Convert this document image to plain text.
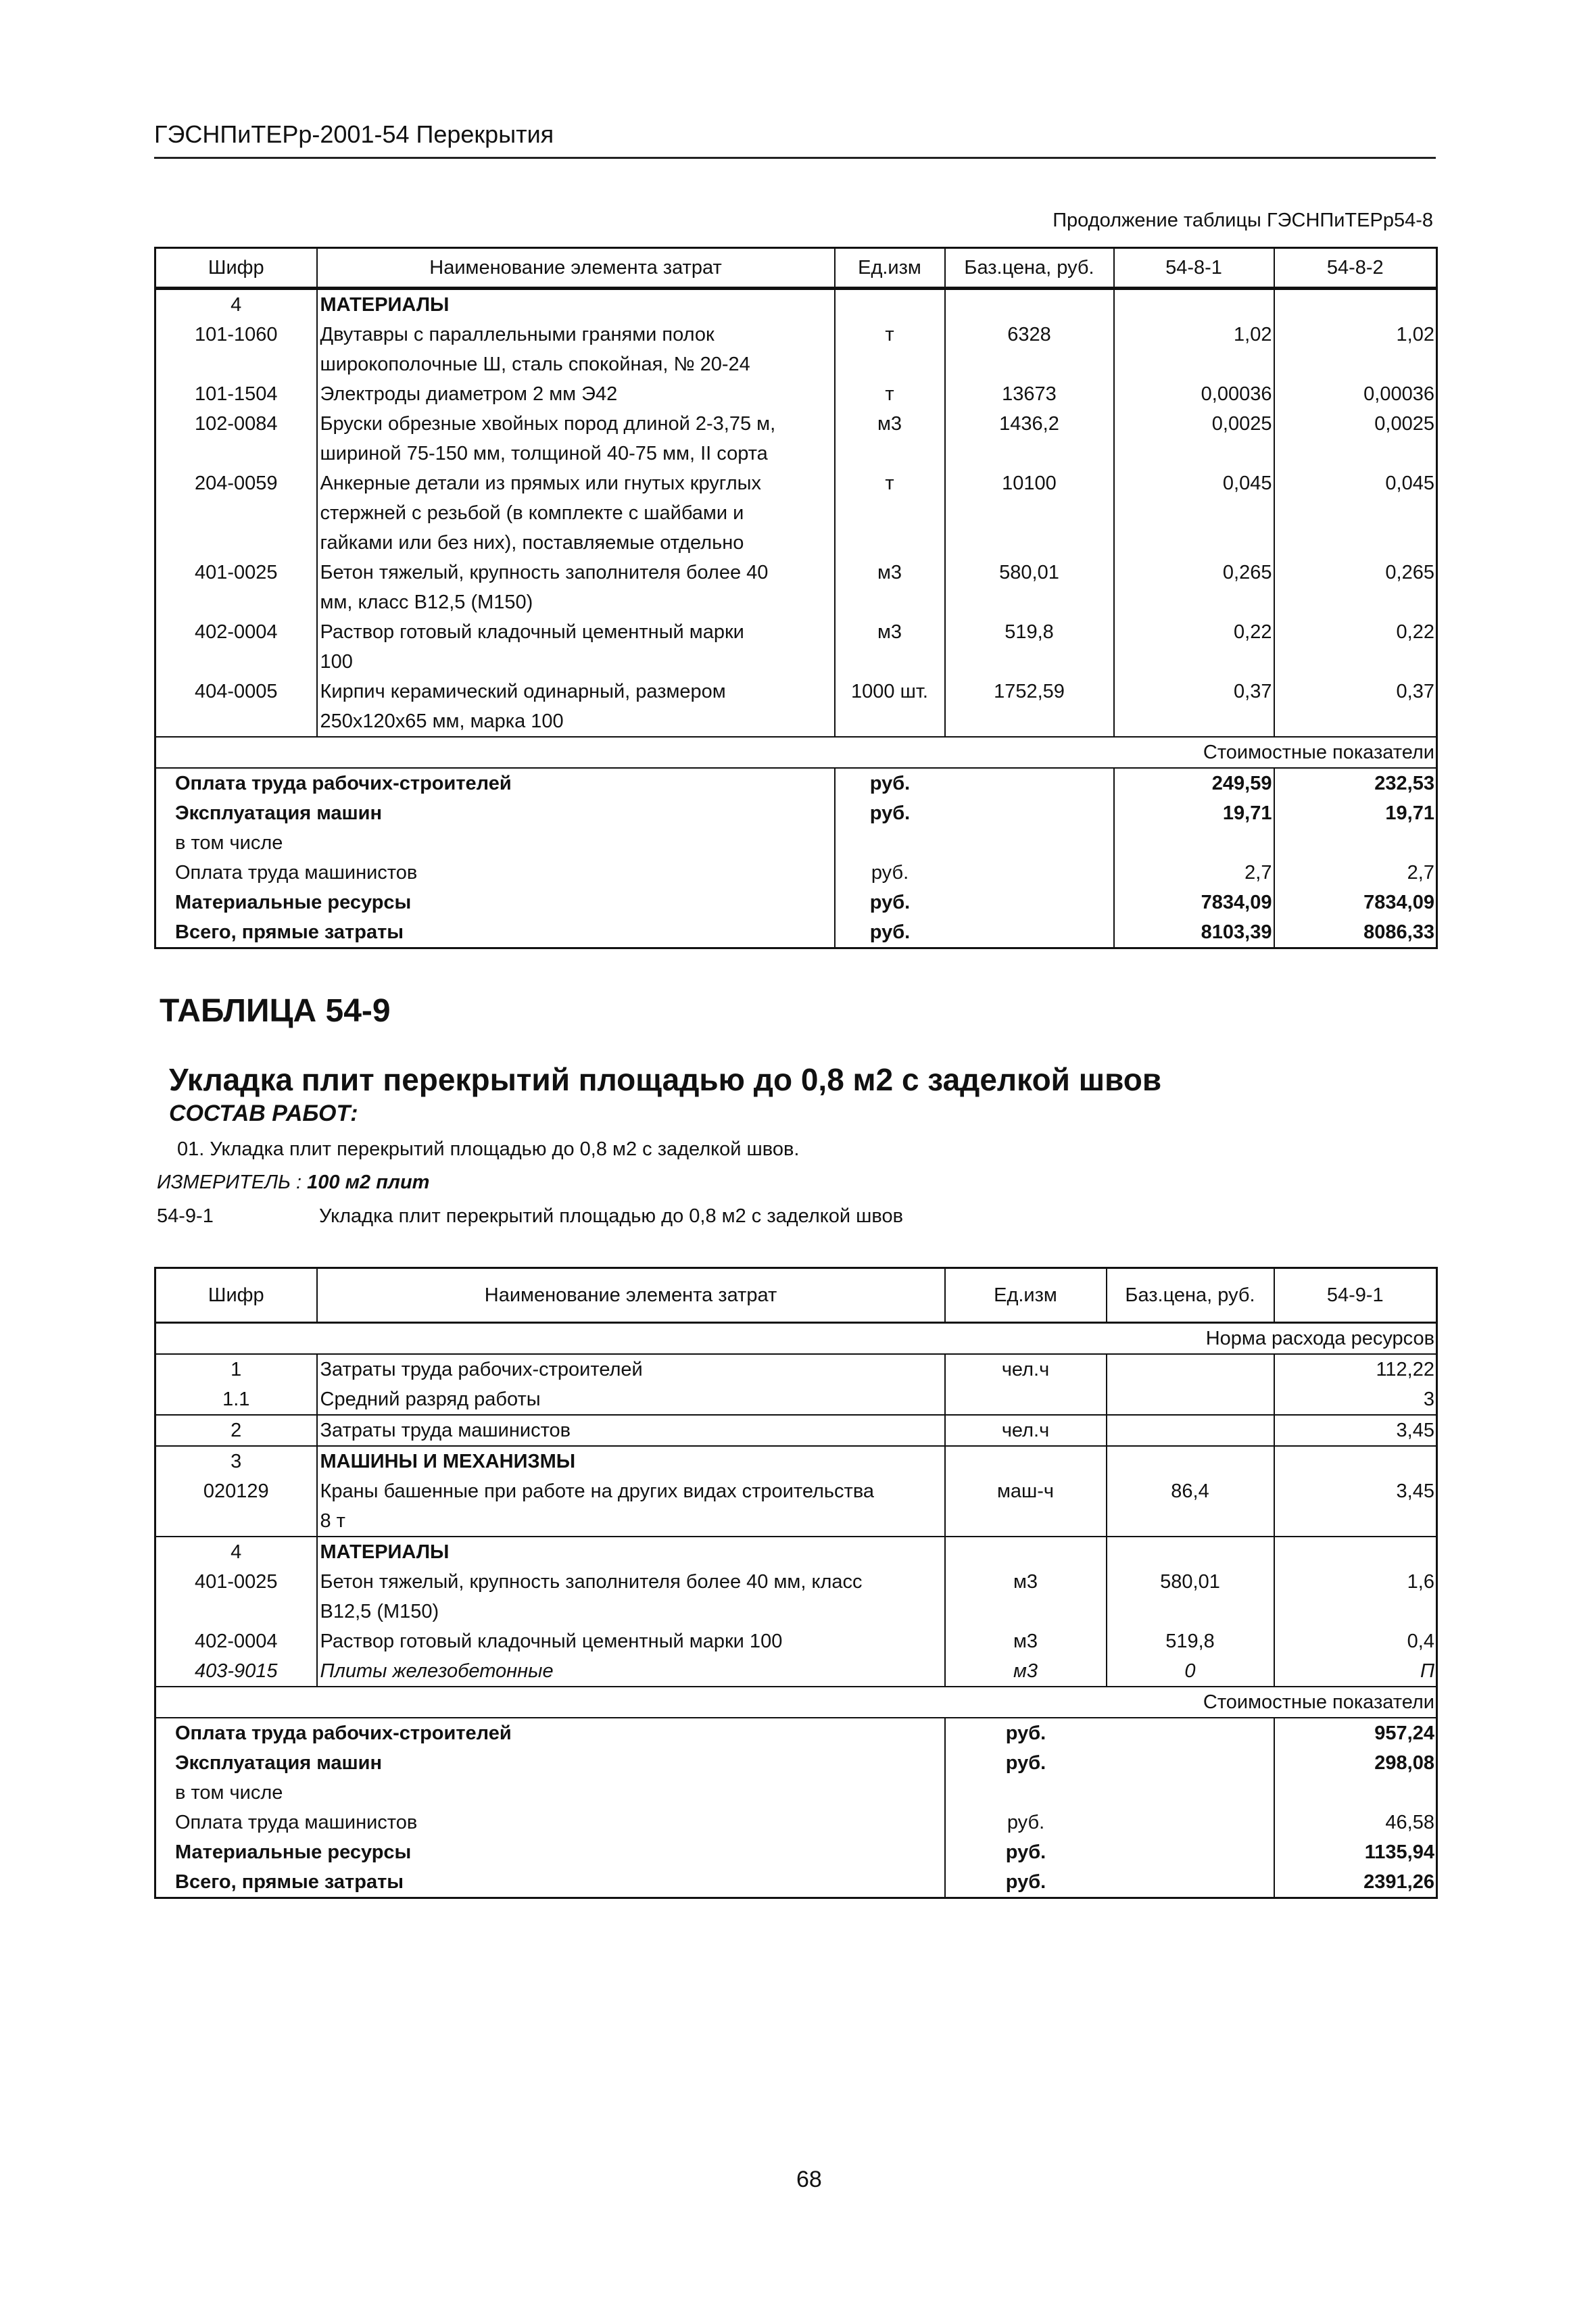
ГЭСНПиТЕРр-2001-54 Перекрытия
Продолжение таблицы ГЭСНПиТЕРр54-8
Шифр	Наименование элемента затрат	Ед.изм	Баз.цена, руб.	54-8-1	54-8-2
4	МАТЕРИАЛЫ				
101-1060	Двутавры с параллельными гранями полок
широкополочные Ш, сталь спокойная, № 20-24	т	6328	1,02	1,02
101-1504	Электроды диаметром 2 мм Э42	т	13673	0,00036	0,00036
102-0084	Бруски обрезные хвойных пород длиной 2-3,75 м,
шириной 75-150 мм, толщиной 40-75 мм, II сорта	м3	1436,2	0,0025	0,0025
204-0059	Анкерные детали из прямых или гнутых круглых
стержней с резьбой (в комплекте с шайбами и
гайками или без них), поставляемые отдельно	т	10100	0,045	0,045
401-0025	Бетон тяжелый, крупность заполнителя более 40
мм, класс В12,5 (М150)	м3	580,01	0,265	0,265
402-0004	Раствор готовый кладочный цементный марки
100	м3	519,8	0,22	0,22
404-0005	Кирпич керамический одинарный, размером
250х120х65 мм, марка 100	1000 шт.	1752,59	0,37	0,37
Стоимостные показатели					
Оплата труда рабочих-строителей		руб.		249,59	232,53
Эксплуатация машин		руб.		19,71	19,71
в том числе					
Оплата труда машинистов		руб.		2,7	2,7
Материальные ресурсы		руб.		7834,09	7834,09
Всего, прямые затраты		руб.		8103,39	8086,33
ТАБЛИЦА 54-9
Укладка плит перекрытий площадью до 0,8 м2 с заделкой швов
СОСТАВ РАБОТ:
01. Укладка плит перекрытий площадью до 0,8 м2 с заделкой швов.
ИЗМЕРИТЕЛЬ : 100 м2 плит
54-9-1	Укладка плит перекрытий площадью до 0,8 м2 с заделкой швов
Шифр	Наименование элемента затрат	Ед.изм	Баз.цена, руб.	54-9-1
Норма расхода ресурсов				
1	Затраты труда рабочих-строителей	чел.ч		112,22
1.1	Средний разряд работы			3
2	Затраты труда машинистов	чел.ч		3,45
3	МАШИНЫ И МЕХАНИЗМЫ			
020129	Краны башенные при работе на других видах строительства
8 т	маш-ч	86,4	3,45
4	МАТЕРИАЛЫ			
401-0025	Бетон тяжелый, крупность заполнителя более 40 мм, класс
В12,5 (М150)	м3	580,01	1,6
402-0004	Раствор готовый кладочный цементный марки 100	м3	519,8	0,4
403-9015	Плиты железобетонные	м3	0	П
Стоимостные показатели				
Оплата труда рабочих-строителей		руб.		957,24
Эксплуатация машин		руб.		298,08
в том числе				
Оплата труда машинистов		руб.		46,58
Материальные ресурсы		руб.		1135,94
Всего, прямые затраты		руб.		2391,26
68
